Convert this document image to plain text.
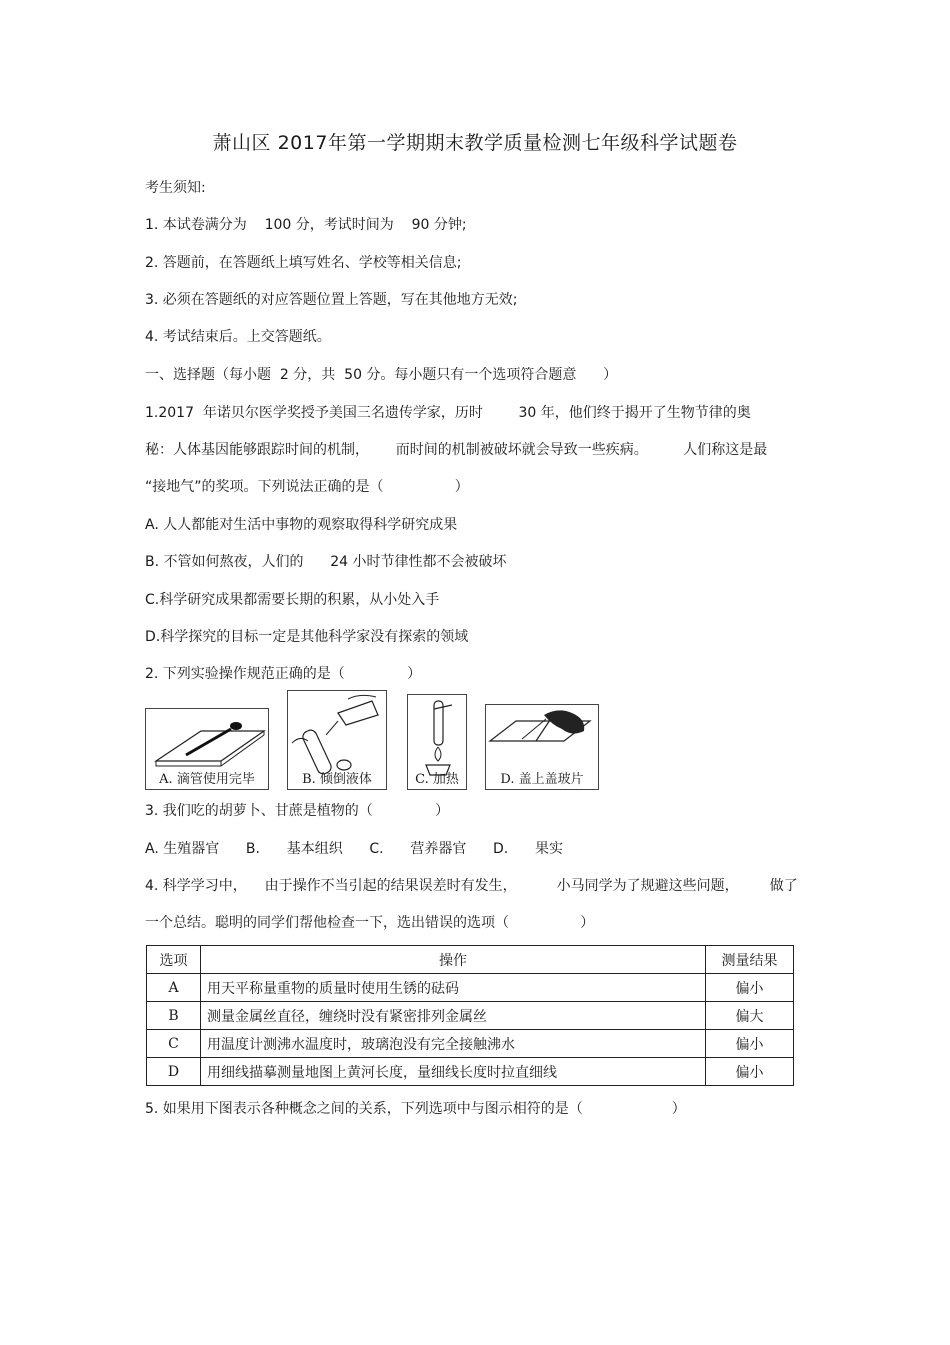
萧山区 2017年第一学期期末教学质量检测七年级科学试题卷
考生须知:
1. 本试卷满分为    100 分，考试时间为    90 分钟;
2. 答题前，在答题纸上填写姓名、学校等相关信息;
3. 必须在答题纸的对应答题位置上答题，写在其他地方无效;
4. 考试结束后。上交答题纸。
一、选择题（每小题  2 分，共  50 分。每小题只有一个选项符合题意      ）
1.2017  年诺贝尔医学奖授予美国三名遗传学家，历时        30 年，他们终于揭开了生物节律的奥
秘：人体基因能够跟踪时间的机制，      而时间的机制被破坏就会导致一些疾病。        人们称这是最
“接地气”的奖项。下列说法正确的是（                ）
A. 人人都能对生活中事物的观察取得科学研究成果
B. 不管如何熬夜，人们的      24 小时节律性都不会被破坏
C.科学研究成果都需要长期的积累，从小处入手
D.科学探究的目标一定是其他科学家没有探索的领域
2. 下列实验操作规范正确的是（              ）
A. 滴管使用完毕	B. 倾倒液体	C. 加热	D. 盖上盖玻片
3. 我们吃的胡萝卜、甘蔗是植物的（              ）
A. 生殖器官      B.      基本组织      C.      营养器官      D.      果实
4. 科学学习中，    由于操作不当引起的结果误差时有发生，         小马同学为了规避这些问题，       做了
一个总结。聪明的同学们帮他检查一下，选出错误的选项（                ）
选项	操作	测量结果
A	用天平称量重物的质量时使用生锈的砝码	偏小
B	测量金属丝直径，缠绕时没有紧密排列金属丝	偏大
C	用温度计测沸水温度时，玻璃泡没有完全接触沸水	偏小
D	用细线描摹测量地图上黄河长度，量细线长度时拉直细线	偏小
5. 如果用下图表示各种概念之间的关系，下列选项中与图示相符的是（                    ）
